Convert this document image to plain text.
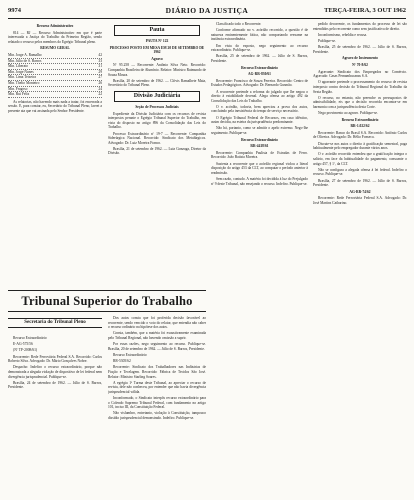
9974	DIÁRIO DA JUSTIÇA	TERÇA-FEIRA, 3 OUT 1962

Recurso Administrativo

814 — RJ — Recurso Administrativo em que é parte interessada a Justiça do Trabalho da Primeira Região, sendo relatado o recurso pelos membros do Egrégio Tribunal pleno.

RESUMO GERAL

Min. Jorge A. Ramalho	42
Min. Júlio de S. Barros	33
Min. Liberato	31
Min. Jorge Nunes	29
Min. Lima Teixeira	27
Min. Thelio Monteiro	26
Min. Fragoso	24
Min. Rui Felix	22

As relatorias, não havendo mais nada a tratar, foi encerrada a sessão. E, para constar, eu, Secretário do Tribunal Pleno, lavrei a presente ata que vai assinada pelo Senhor Presidente.

Pauta

PAUTA Nº 122

PROCESSO POSTO EM MESA EM 20 DE SETEMBRO DE 1962

Agravo

Nº 95.258 — Recorrente: Antônio Silva Neto. Recorrido: Companhia Brasileira de Alumínio. Relator: Ministro Raimundo de Souza Moura.

Brasília, 20 de setembro de 1962. — Clóvis Ramalhete Maia, Secretário do Tribunal Pleno.

Divisão Judiciária

Seção de Processos Judiciais

Expediente da Divisão Judiciária com os recursos de revista interpostos perante o Egrégio Tribunal Superior do Trabalho, em vista do disposto no artigo 896 da Consolidação das Leis do Trabalho.

Processo Extraordinário nº 19-7 — Recorrente: Companhia Siderúrgica Nacional. Recorrido: Sindicato dos Metalúrgicos. Advogado: Dr. Luiz Moreira Franco.

Brasília, 21 de setembro de 1962. — Luiz Gonzaga, Diretor da Divisão.

Tribunal Superior do Trabalho
Secretaria do Tribunal Pleno

Recurso Extraordinário

E-AG-575/56

(Nº TP-2008/61)

Recorrente: Rede Ferroviária Federal S.A. Recorrido: Carlos Roberto Silva. Advogado: Dr. Mário Gonçalves Nobre.

Despacho: Indefiro o recurso extraordinário, porque não demonstrada a alegada violação de dispositivo de lei federal nem divergência jurisprudencial. Publique-se.

Brasília, 24 de setembro de 1962. — Júlio de S. Barros, Presidente.

Dos autos consta que foi proferida decisão favorável ao recorrente, sendo vencido o voto do relator, que entendia não caber o recurso ordinário na hipótese dos autos.

Consta, também, que a matéria foi exaustivamente examinada pelo Tribunal Regional, não havendo omissão a suprir.

Por essas razões, nego seguimento ao recurso. Publique-se. Brasília, 20 de setembro de 1962. — Júlio de S. Barros, Presidente.

Recurso Extraordinário

RR-5305/62

Recorrente: Sindicato dos Trabalhadores nas Indústrias de Fiação e Tecelagem. Recorrido: Fábrica de Tecidos São José. Relator: Ministro Starling Soares.

A egrégia 1ª Turma deste Tribunal, ao apreciar o recurso de revista, dele não conheceu, por entender que não havia divergência jurisprudencial válida.

Inconformado, o Sindicato interpôs recurso extraordinário para o Colendo Supremo Tribunal Federal, com fundamento no artigo 101, inciso III, da Constituição Federal.

Não vislumbro, entretanto, violação à Constituição, tampouco dissídio jurisprudencial demonstrado. Indefiro. Publique-se.

Classificado todo o Recorrente.

Conforme afirmado no v. acórdão recorrido, a questão é de natureza eminentemente fática, não comportando reexame na instância extraordinária.

Em vista do exposto, nego seguimento ao recurso extraordinário. Publique-se.

Brasília, 25 de setembro de 1962. — Júlio de S. Barros, Presidente.

Recurso Extraordinário

AG-RR-830/61

Recorrente: Francisco de Souza Ferreira. Recorrido: Centro de Estudos Pedagógicos. Advogado: Dr. Bernardo Gusmão.

A recorrente pretende a reforma do julgado que lhe negou o direito à estabilidade decenal. Alega ofensa ao artigo 492 da Consolidação das Leis do Trabalho.

O v. acórdão, todavia, bem apreciou a prova dos autos, concluindo pela inexistência do tempo de serviço necessário.

O Egrégio Tribunal Federal de Recursos, em caso idêntico, assim decidiu, na esteira da jurisprudência predominante.

Não há, portanto, como se admitir o apelo extremo. Nego-lhe seguimento. Publique-se.

Recurso Extraordinário

RR-4418/61

Recorrente: Companhia Paulista de Estradas de Ferro. Recorrido: João Batista Moreira.

Sustenta a recorrente que o acórdão regional violou a literal disposição do artigo 453 da CLT, ao computar o período anterior à readmissão.

Sem razão, contudo. A matéria foi decidida à luz do Prejulgado nº 9 deste Tribunal, não ensejando o recurso. Indefiro. Publique-se.

pedido decorrente, os fundamentos do processo de lei são entendidos pelo recorrente como sem justificativa de direito.

Inconformismo, rebeldia e recusa.

Publique-se.

Brasília, 25 de setembro de 1962. — Júlio de S. Barros, Presidente.

Agravo de Instrumento

Nº 70-8/62

Agravante: Sindicato dos Empregados no Comércio. Agravado: Casas Pernambucanas S.A.

O agravante pretende o processamento do recurso de revista interposto contra decisão do Tribunal Regional do Trabalho da Sexta Região.

O recurso, no entanto, não preenche os pressupostos de admissibilidade, eis que a decisão recorrida encontra-se em harmonia com a jurisprudência desta Corte.

Nego provimento ao agravo. Publique-se.

Recurso Extraordinário

RR-1.022/62

Recorrente: Banco do Brasil S.A. Recorrido: Antônio Carlos de Oliveira. Advogado: Dr. Hélio Fonseca.

Discute-se nos autos o direito à gratificação semestral, paga habitualmente pelo empregador durante vários anos.

O v. acórdão recorrido entendeu que a gratificação integra o salário, em face da habitualidade do pagamento, consoante o artigo 457, § 1º, da CLT.

Não se configura a alegada ofensa à lei federal. Indefiro o recurso. Publique-se.

Brasília, 27 de setembro de 1962. — Júlio de S. Barros, Presidente.

AG-RR-74/62

Recorrente: Rede Ferroviária Federal S.A. Advogado: Dr. José Martins Catharino.
